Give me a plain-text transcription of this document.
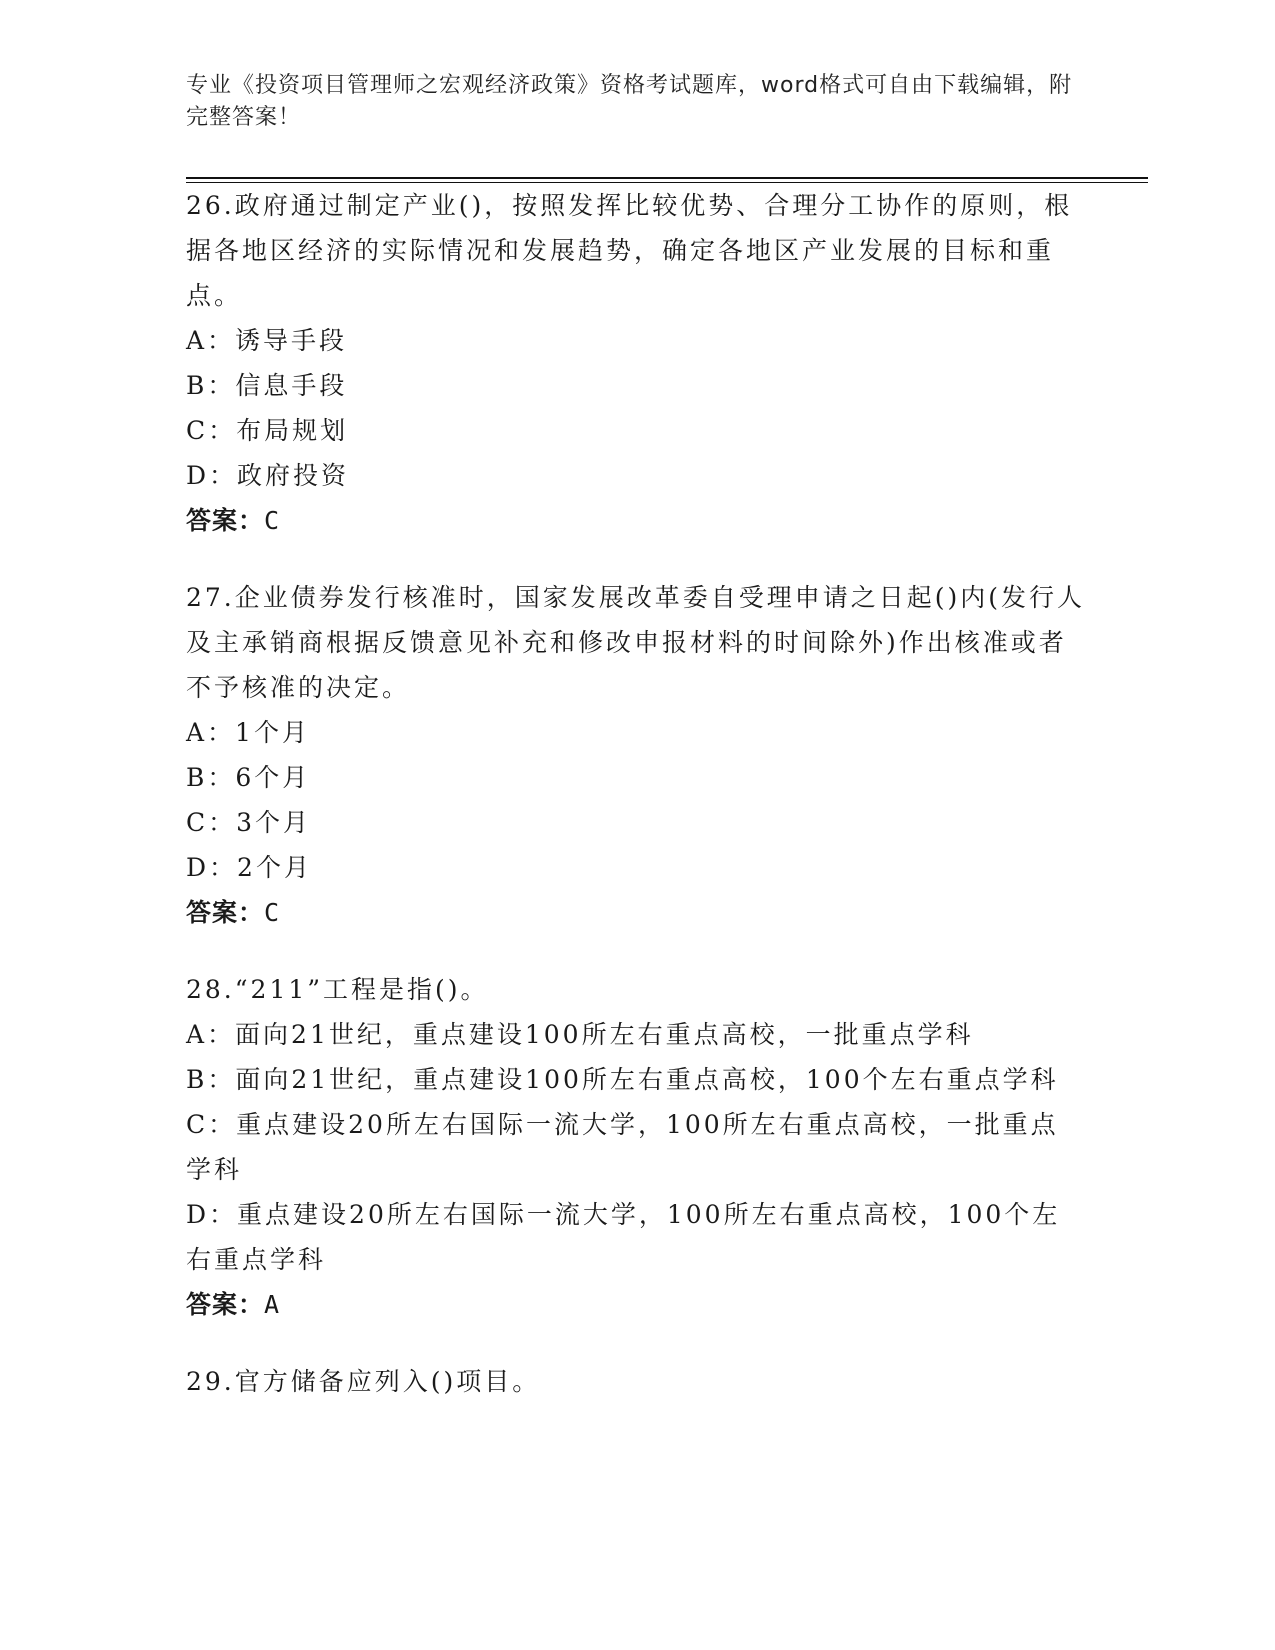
专业《投资项目管理师之宏观经济政策》资格考试题库，word格式可自由下载编辑，附完整答案！

26.政府通过制定产业()，按照发挥比较优势、合理分工协作的原则，根据各地区经济的实际情况和发展趋势，确定各地区产业发展的目标和重点。

A：诱导手段

B：信息手段

C：布局规划

D：政府投资

答案：C

27.企业债券发行核准时，国家发展改革委自受理申请之日起()内(发行人及主承销商根据反馈意见补充和修改申报材料的时间除外)作出核准或者不予核准的决定。

A：1个月

B：6个月

C：3个月

D：2个月

答案：C

28.“211”工程是指()。

A：面向21世纪，重点建设100所左右重点高校，一批重点学科

B：面向21世纪，重点建设100所左右重点高校，100个左右重点学科

C：重点建设20所左右国际一流大学，100所左右重点高校，一批重点学科

D：重点建设20所左右国际一流大学，100所左右重点高校，100个左右重点学科

答案：A

29.官方储备应列入()项目。
